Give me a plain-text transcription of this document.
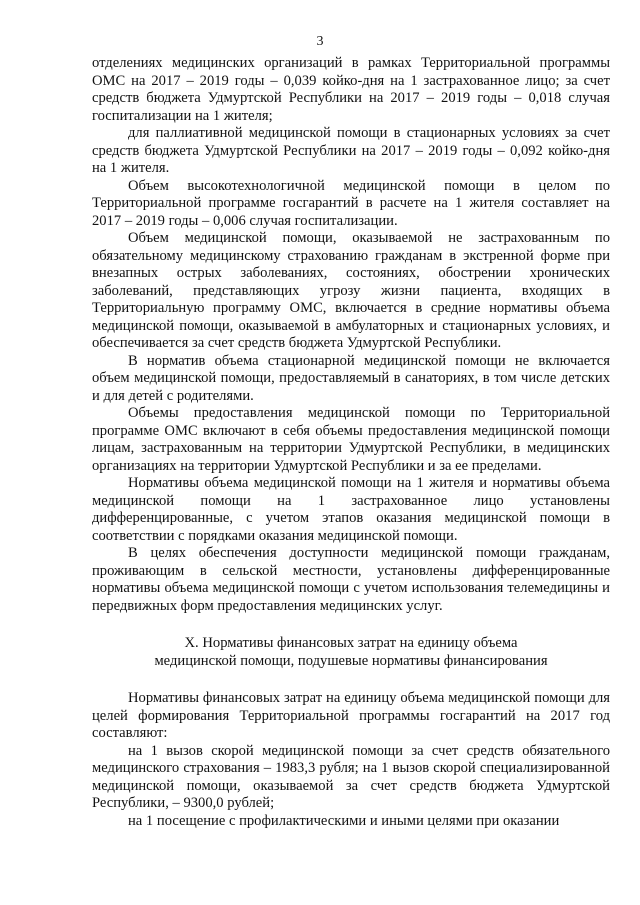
3

отделениях медицинских организаций в рамках Территориальной программы ОМС на 2017 – 2019 годы – 0,039 койко-дня на 1 застрахованное лицо; за счет средств бюджета Удмуртской Республики на 2017 – 2019 годы – 0,018 случая госпитализации на 1 жителя;

для паллиативной медицинской помощи в стационарных условиях за счет средств бюджета Удмуртской Республики на 2017 – 2019 годы – 0,092 койко-дня на 1 жителя.

Объем высокотехнологичной медицинской помощи в целом по Территориальной программе госгарантий в расчете на 1 жителя составляет на 2017 – 2019 годы – 0,006 случая госпитализации.

Объем медицинской помощи, оказываемой не застрахованным по обязательному медицинскому страхованию гражданам в экстренной форме при внезапных острых заболеваниях, состояниях, обострении хронических заболеваний, представляющих угрозу жизни пациента, входящих в Территориальную программу ОМС, включается в средние нормативы объема медицинской помощи, оказываемой в амбулаторных и стационарных условиях, и обеспечивается за счет средств бюджета Удмуртской Республики.

В норматив объема стационарной медицинской помощи не включается объем медицинской помощи, предоставляемый в санаториях, в том числе детских и для детей с родителями.

Объемы предоставления медицинской помощи по Территориальной программе ОМС включают в себя объемы предоставления медицинской помощи лицам, застрахованным на территории Удмуртской Республики, в медицинских организациях на территории Удмуртской Республики и за ее пределами.

Нормативы объема медицинской помощи на 1 жителя и нормативы объема медицинской помощи на 1 застрахованное лицо установлены дифференцированные, с учетом этапов оказания медицинской помощи в соответствии с порядками оказания медицинской помощи.

В целях обеспечения доступности медицинской помощи гражданам, проживающим в сельской местности, установлены дифференцированные нормативы объема медицинской помощи с учетом использования телемедицины и передвижных форм предоставления медицинских услуг.

X. Нормативы финансовых затрат на единицу объема
медицинской помощи, подушевые нормативы финансирования

Нормативы финансовых затрат на единицу объема медицинской помощи для целей формирования Территориальной программы госгарантий на 2017 год составляют:

на 1 вызов скорой медицинской помощи за счет средств обязательного медицинского страхования – 1983,3 рубля; на 1 вызов скорой специализированной медицинской помощи, оказываемой за счет средств бюджета Удмуртской Республики, – 9300,0 рублей;

на 1 посещение с профилактическими и иными целями при оказании
